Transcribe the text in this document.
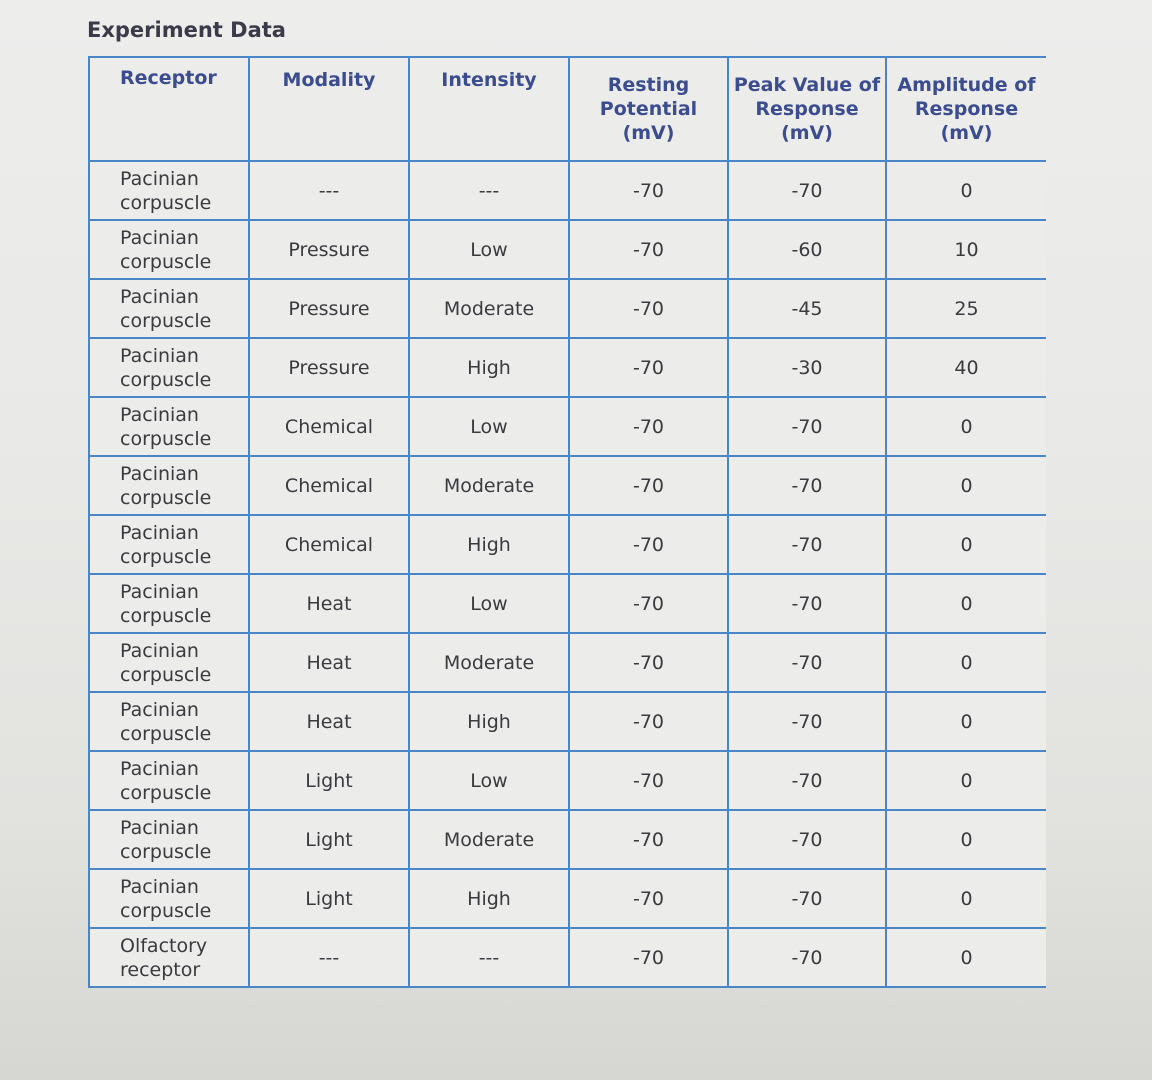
Experiment Data
Receptor	Modality	Intensity	Resting Potential (mV)	Peak Value of Response (mV)	Amplitude of Response (mV)
Pacinian corpuscle	---	---	-70	-70	0
Pacinian corpuscle	Pressure	Low	-70	-60	10
Pacinian corpuscle	Pressure	Moderate	-70	-45	25
Pacinian corpuscle	Pressure	High	-70	-30	40
Pacinian corpuscle	Chemical	Low	-70	-70	0
Pacinian corpuscle	Chemical	Moderate	-70	-70	0
Pacinian corpuscle	Chemical	High	-70	-70	0
Pacinian corpuscle	Heat	Low	-70	-70	0
Pacinian corpuscle	Heat	Moderate	-70	-70	0
Pacinian corpuscle	Heat	High	-70	-70	0
Pacinian corpuscle	Light	Low	-70	-70	0
Pacinian corpuscle	Light	Moderate	-70	-70	0
Pacinian corpuscle	Light	High	-70	-70	0
Olfactory receptor	---	---	-70	-70	0
